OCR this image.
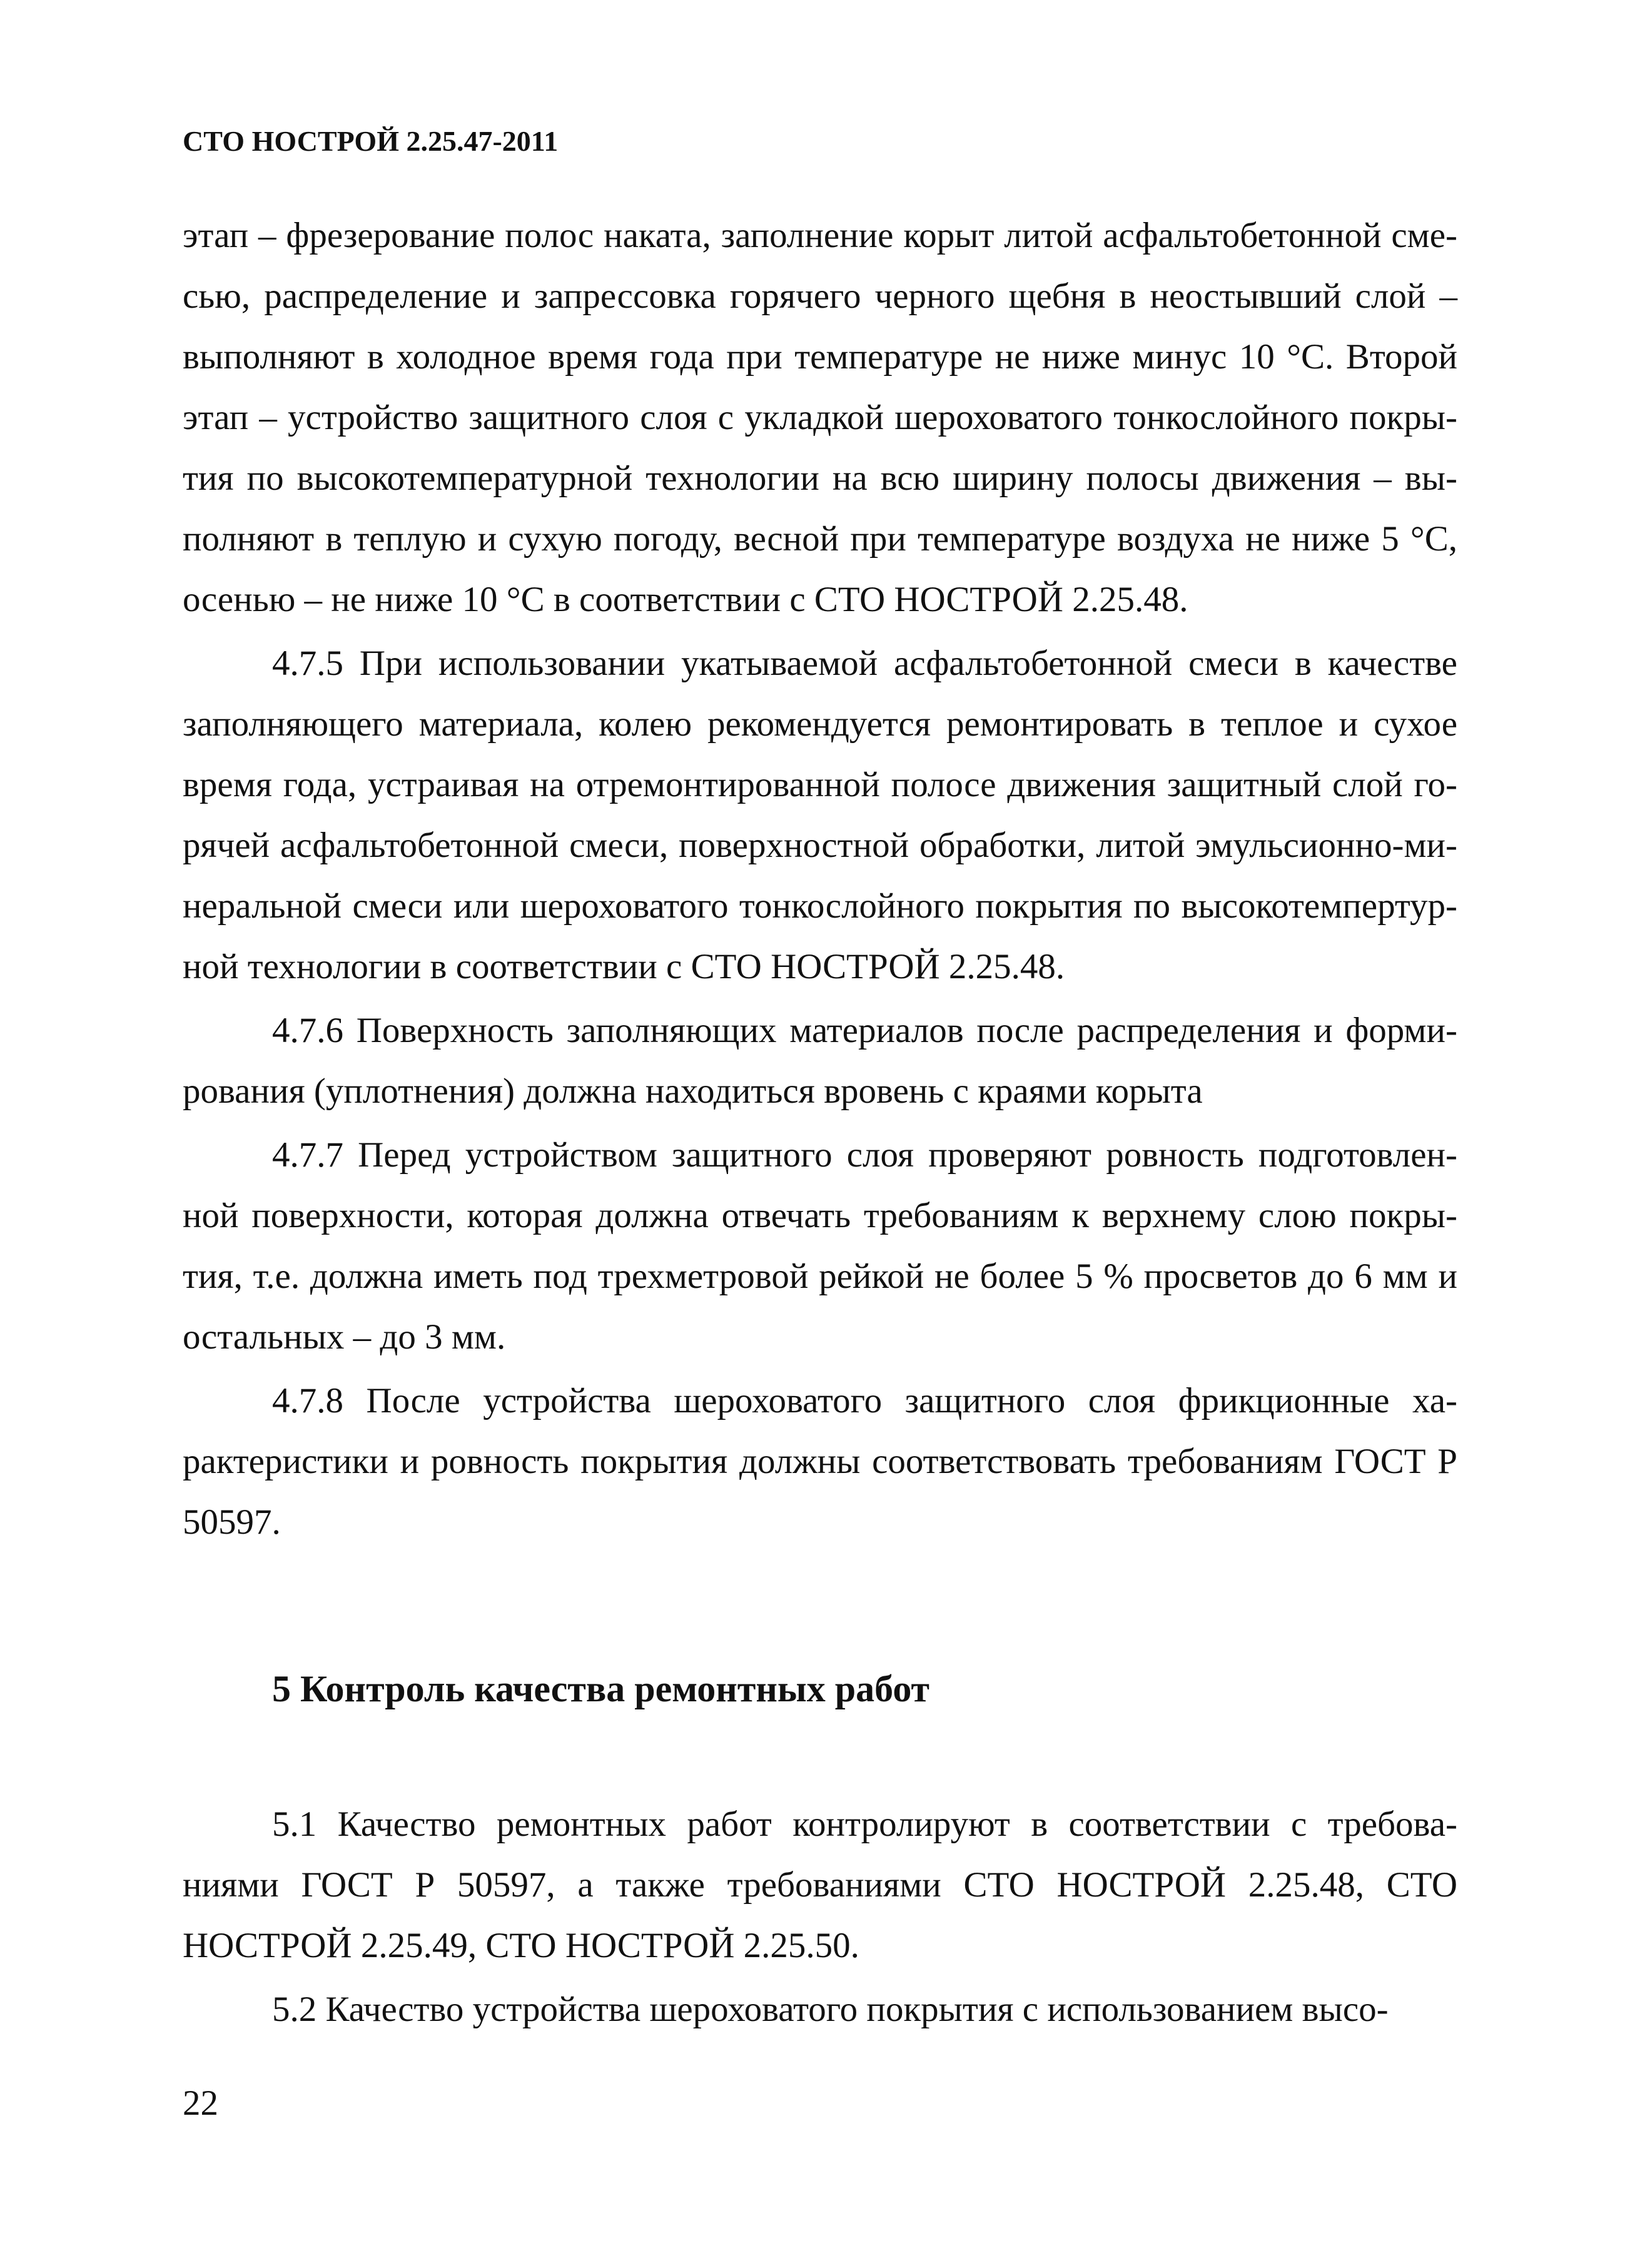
СТО НОСТРОЙ 2.25.47-2011

этап – фрезерование полос наката, заполнение корыт литой асфальтобетонной сме-сью, распределение и запрессовка горячего черного щебня в неостывший слой – выполняют в холодное время года при температуре не ниже минус 10 °С. Второй этап – устройство защитного слоя с укладкой шероховатого тонкослойного покры-тия по высокотемпературной технологии на всю ширину полосы движения – вы-полняют в теплую и сухую погоду, весной при температуре воздуха не ниже 5 °С, осенью – не ниже 10 °С в соответствии с СТО НОСТРОЙ 2.25.48.

4.7.5 При использовании укатываемой асфальтобетонной смеси в качестве заполняющего материала, колею рекомендуется ремонтировать в теплое и сухое время года, устраивая на отремонтированной полосе движения защитный слой го-рячей асфальтобетонной смеси, поверхностной обработки, литой эмульсионно-ми-неральной смеси или шероховатого тонкослойного покрытия по высокотемпертур-ной технологии в соответствии с СТО НОСТРОЙ 2.25.48.

4.7.6 Поверхность заполняющих материалов после распределения и форми-рования (уплотнения) должна находиться вровень с краями корыта

4.7.7 Перед устройством защитного слоя проверяют ровность подготовлен-ной поверхности, которая должна отвечать требованиям к верхнему слою покры-тия, т.е. должна иметь под трехметровой рейкой не более 5 % просветов до 6 мм и остальных – до 3 мм.

4.7.8 После устройства шероховатого защитного слоя фрикционные ха-рактеристики и ровность покрытия должны соответствовать требованиям ГОСТ Р 50597.

5 Контроль качества ремонтных работ

5.1 Качество ремонтных работ контролируют в соответствии с требова-ниями ГОСТ Р 50597, а также требованиями СТО НОСТРОЙ 2.25.48, СТО НОСТРОЙ 2.25.49, СТО НОСТРОЙ 2.25.50.

5.2 Качество устройства шероховатого покрытия с использованием высо-

22
